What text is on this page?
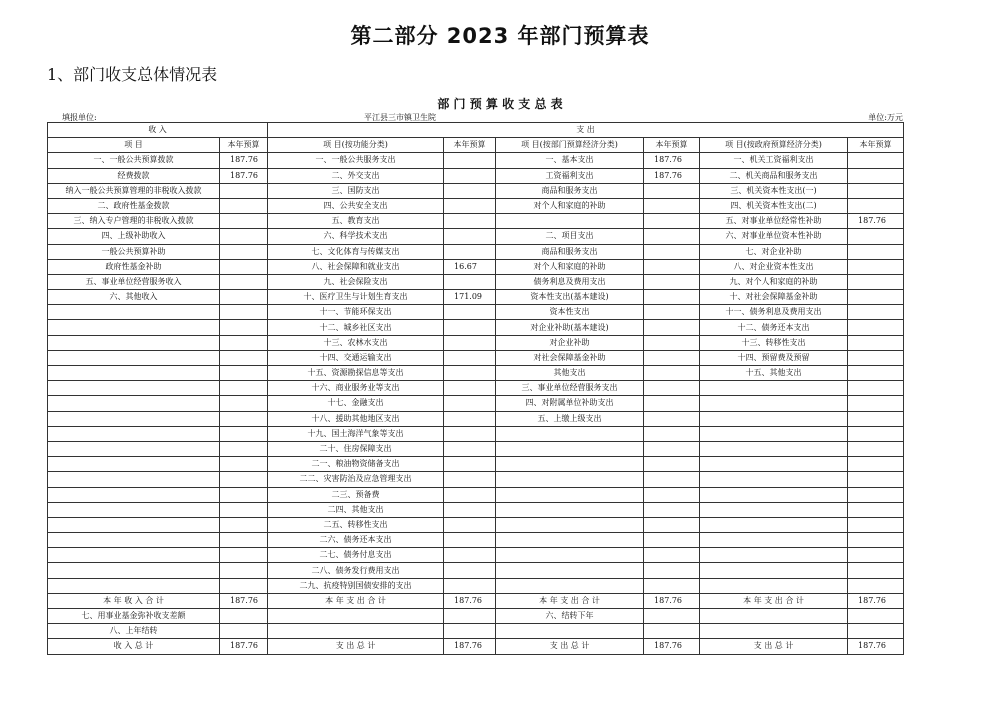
第二部分 2023 年部门预算表
1、部门收支总体情况表
部 门 预 算 收 支 总 表
填报单位:	平江县三市镇卫生院	单位:万元
收 入		支 出					
项 目	本年预算	项 目(按功能分类)	本年预算	项 目(按部门预算经济分类)	本年预算	项 目(按政府预算经济分类)	本年预算
一、一般公共预算拨款	187.76	一、一般公共服务支出		一、基本支出	187.76	一、机关工资福利支出	
经费拨款	187.76	二、外交支出		工资福利支出	187.76	二、机关商品和服务支出	
纳入一般公共预算管理的非税收入拨款		三、国防支出		商品和服务支出		三、机关资本性支出(一)	
二、政府性基金拨款		四、公共安全支出		对个人和家庭的补助		四、机关资本性支出(二)	
三、纳入专户管理的非税收入拨款		五、教育支出				五、对事业单位经常性补助	187.76
四、上级补助收入		六、科学技术支出		二、项目支出		六、对事业单位资本性补助	
一般公共预算补助		七、文化体育与传媒支出		商品和服务支出		七、对企业补助	
政府性基金补助		八、社会保障和就业支出	16.67	对个人和家庭的补助		八、对企业资本性支出	
五、事业单位经营服务收入		九、社会保险支出		债务利息及费用支出		九、对个人和家庭的补助	
六、其他收入		十、医疗卫生与计划生育支出	171.09	资本性支出(基本建设)		十、对社会保障基金补助	
		十一、节能环保支出		资本性支出		十一、债务利息及费用支出	
		十二、城乡社区支出		对企业补助(基本建设)		十二、债务还本支出	
		十三、农林水支出		对企业补助		十三、转移性支出	
		十四、交通运输支出		对社会保障基金补助		十四、预留费及预留	
		十五、资源勘探信息等支出		其他支出		十五、其他支出	
		十六、商业服务业等支出		三、事业单位经营服务支出			
		十七、金融支出		四、对附属单位补助支出			
		十八、援助其他地区支出		五、上缴上级支出			
		十九、国土海洋气象等支出					
		二十、住房保障支出					
		二一、粮油物资储备支出					
		二二、灾害防治及应急管理支出					
		二三、预备费					
		二四、其他支出					
		二五、转移性支出					
		二六、债务还本支出					
		二七、债务付息支出					
		二八、债务发行费用支出					
		二九、抗疫特别国债安排的支出					
本 年 收 入 合 计	187.76	本 年 支 出 合 计	187.76	本 年 支 出 合 计	187.76	本 年 支 出 合 计	187.76
七、用事业基金弥补收支差额				六、结转下年			
八、上年结转							
收 入 总 计	187.76	支 出 总 计	187.76	支 出 总 计	187.76	支 出 总 计	187.76
